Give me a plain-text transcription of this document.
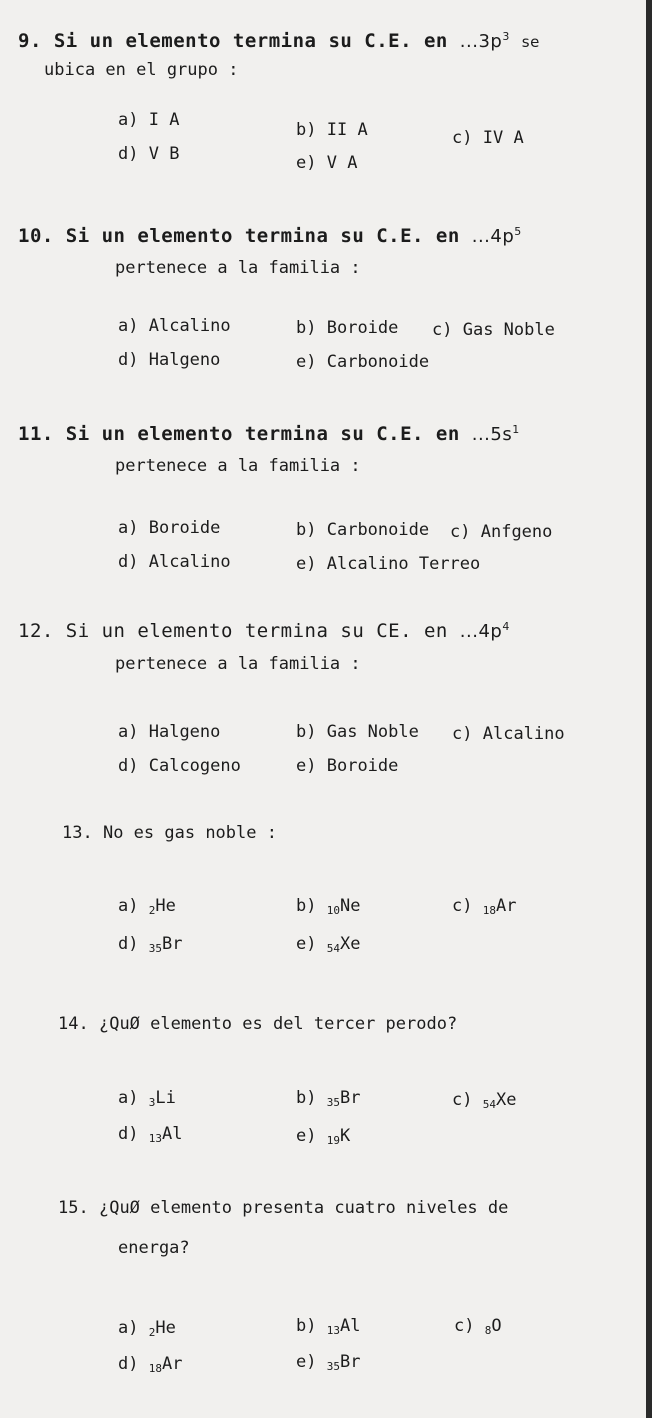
9. Si un elemento termina su C.E. en $...3p^3$ se
ubica en el grupo :
a) I A	b) II A	c) IV A
d) V B	e) V A
10. Si un elemento termina su C.E. en $...4p^5$
pertenece a la familia :
a) Alcalino	b) Boroide c) Gas Noble
d) Halgeno	e) Carbonoide
11. Si un elemento termina su C.E. en $...5s^1$
pertenece a la familia :
a) Boroide	b) Carbonoide c) Anfgeno
d) Alcalino	e) Alcalino Terreo
12. Si un elemento termina su CE. en $...4p^4$
pertenece a la familia :
a) Halgeno	b) Gas Noble c) Alcalino
d) Calcogeno	e) Boroide
13. No es gas noble :
a) 2He	b) 10Ne	c) 18Ar
d) 35Br	e) 54Xe
14. ¿QuØ elemento es del tercer perodo?
a) 3Li	b) 35Br	c) 54Xe
d) 13Al	e) 19K
15. ¿QuØ elemento presenta cuatro niveles de
energa?
a) 2He	b) 13Al	c) 8O
d) 18Ar	e) 35Br
